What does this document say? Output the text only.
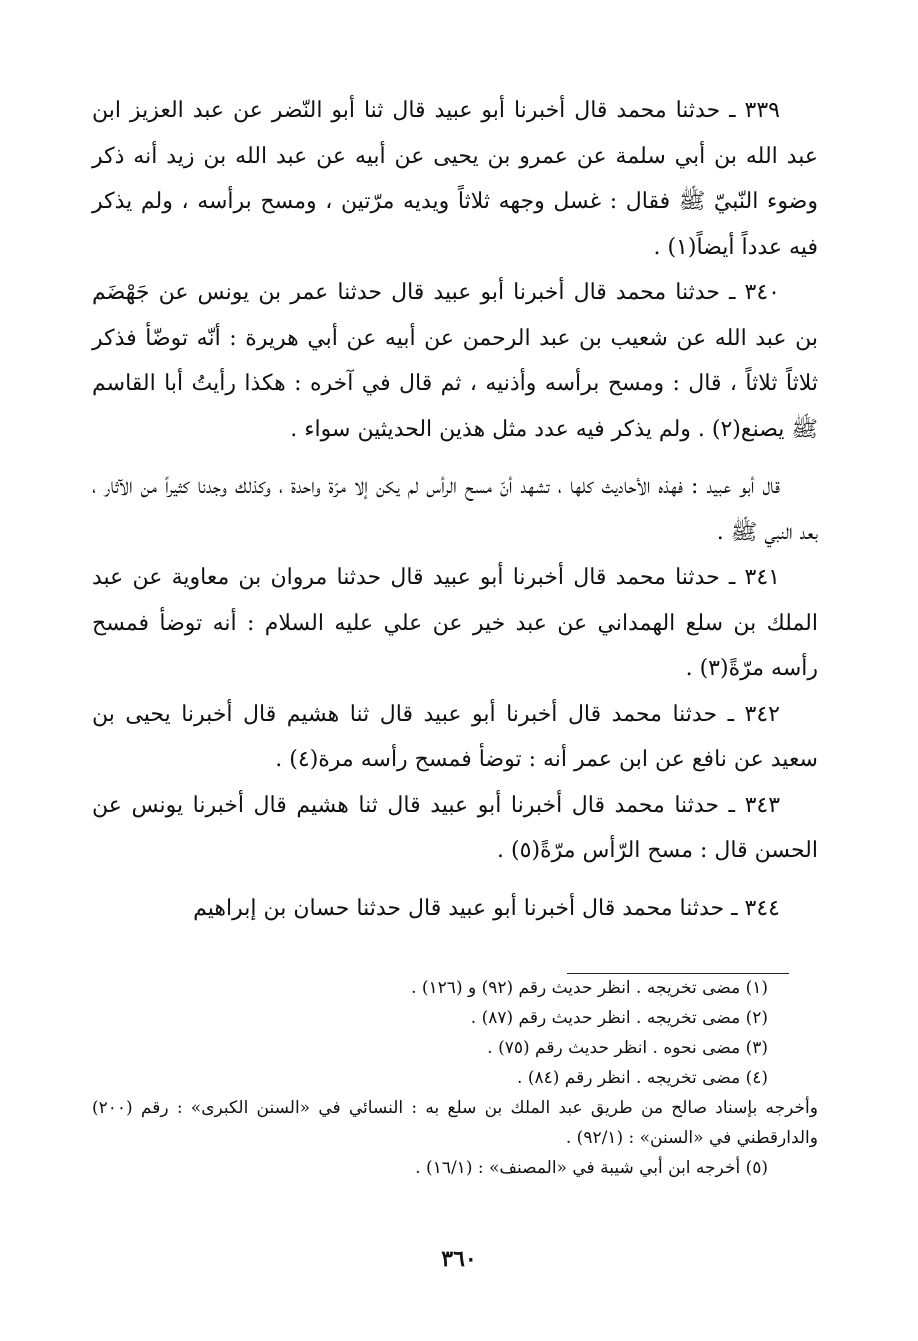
٣٣٩ ـ حدثنا محمد قال أخبرنا أبو عبيد قال ثنا أبو النّضر عن عبد العزيز ابن عبد الله بن أبي سلمة عن عمرو بن يحيى عن أبيه عن عبد الله بن زيد أنه ذكر وضوء النّبيّ ﷺ فقال : غسل وجهه ثلاثاً ويديه مرّتين ، ومسح برأسه ، ولم يذكر فيه عدداً أيضاً(١) .

٣٤٠ ـ حدثنا محمد قال أخبرنا أبو عبيد قال حدثنا عمر بن يونس عن جَهْضَم بن عبد الله عن شعيب بن عبد الرحمن عن أبيه عن أبي هريرة : أنّه توضّأ فذكر ثلاثاً ثلاثاً ، قال : ومسح برأسه وأذنيه ، ثم قال في آخره : هكذا رأيتُ أبا القاسم ﷺ يصنع(٢) . ولم يذكر فيه عدد مثل هذين الحديثين سواء .

قال أبو عبيد : فهذه الأحاديث كلها ، تشهد أنّ مسح الرأس لم يكن إلا مرّة واحدة ، وكذلك وجدنا كثيراً من الآثار ، بعد النبي ﷺ .

٣٤١ ـ حدثنا محمد قال أخبرنا أبو عبيد قال حدثنا مروان بن معاوية عن عبد الملك بن سلع الهمداني عن عبد خير عن علي عليه السلام : أنه توضأ فمسح رأسه مرّةً(٣) .

٣٤٢ ـ حدثنا محمد قال أخبرنا أبو عبيد قال ثنا هشيم قال أخبرنا يحيى بن سعيد عن نافع عن ابن عمر أنه : توضأ فمسح رأسه مرة(٤) .

٣٤٣ ـ حدثنا محمد قال أخبرنا أبو عبيد قال ثنا هشيم قال أخبرنا يونس عن الحسن قال : مسح الرّأس مرّةً(٥) .

٣٤٤ ـ حدثنا محمد قال أخبرنا أبو عبيد قال حدثنا حسان بن إبراهيم

(١) مضى تخريجه . انظر حديث رقم (٩٢) و (١٢٦) .

(٢) مضى تخريجه . انظر حديث رقم (٨٧) .

(٣) مضى نحوه . انظر حديث رقم (٧٥) .

(٤) مضى تخريجه . انظر رقم (٨٤) .

وأخرجه بإسناد صالح من طريق عبد الملك بن سلع به : النسائي في «السنن الكبرى» : رقم (٢٠٠) والدارقطني في «السنن» : (٩٢/١) .

(٥) أخرجه ابن أبي شيبة في «المصنف» : (١٦/١) .

٣٦٠
